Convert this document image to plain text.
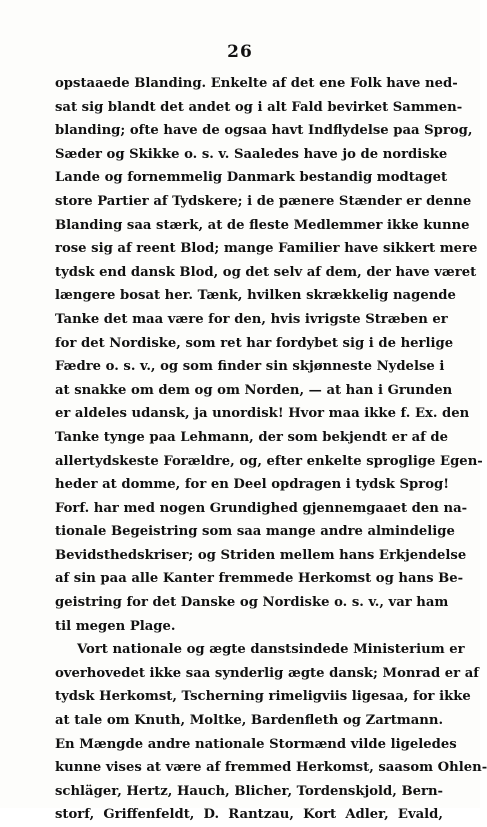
26
opstaaede Blanding. Enkelte af det ene Folk have ned-
sat sig blandt det andet og i alt Fald bevirket Sammen-
blanding; ofte have de ogsaa havt Indflydelse paa Sprog,
Sæder og Skikke o. s. v. Saaledes have jo de nordiske
Lande og fornemmelig Danmark bestandig modtaget
store Partier af Tydskere; i de pænere Stænder er denne
Blanding saa stærk, at de fleste Medlemmer ikke kunne
rose sig af reent Blod; mange Familier have sikkert mere
tydsk end dansk Blod, og det selv af dem, der have været
længere bosat her. Tænk, hvilken skrækkelig nagende
Tanke det maa være for den, hvis ivrigste Stræben er
for det Nordiske, som ret har fordybet sig i de herlige
Fædre o. s. v., og som finder sin skjønneste Nydelse i
at snakke om dem og om Norden, — at han i Grunden
er aldeles udansk, ja unordisk! Hvor maa ikke f. Ex. den
Tanke tynge paa Lehmann, der som bekjendt er af de
allertydskeste Forældre, og, efter enkelte sproglige Egen-
heder at domme, for en Deel opdragen i tydsk Sprog!
Forf. har med nogen Grundighed gjennemgaaet den na-
tionale Begeistring som saa mange andre almindelige
Bevidsthedskriser; og Striden mellem hans Erkjendelse
af sin paa alle Kanter fremmede Herkomst og hans Be-
geistring for det Danske og Nordiske o. s. v., var ham
til megen Plage.
Vort nationale og ægte danstsindede Ministerium er
overhovedet ikke saa synderlig ægte dansk; Monrad er af
tydsk Herkomst, Tscherning rimeligviis ligesaa, for ikke
at tale om Knuth, Moltke, Bardenfleth og Zartmann.
En Mængde andre nationale Stormænd vilde ligeledes
kunne vises at være af fremmed Herkomst, saasom Ohlen-
schläger, Hertz, Hauch, Blicher, Tordenskjold, Bern-
storf, Griffenfeldt, D. Rantzau, Kort Adler, Evald,
